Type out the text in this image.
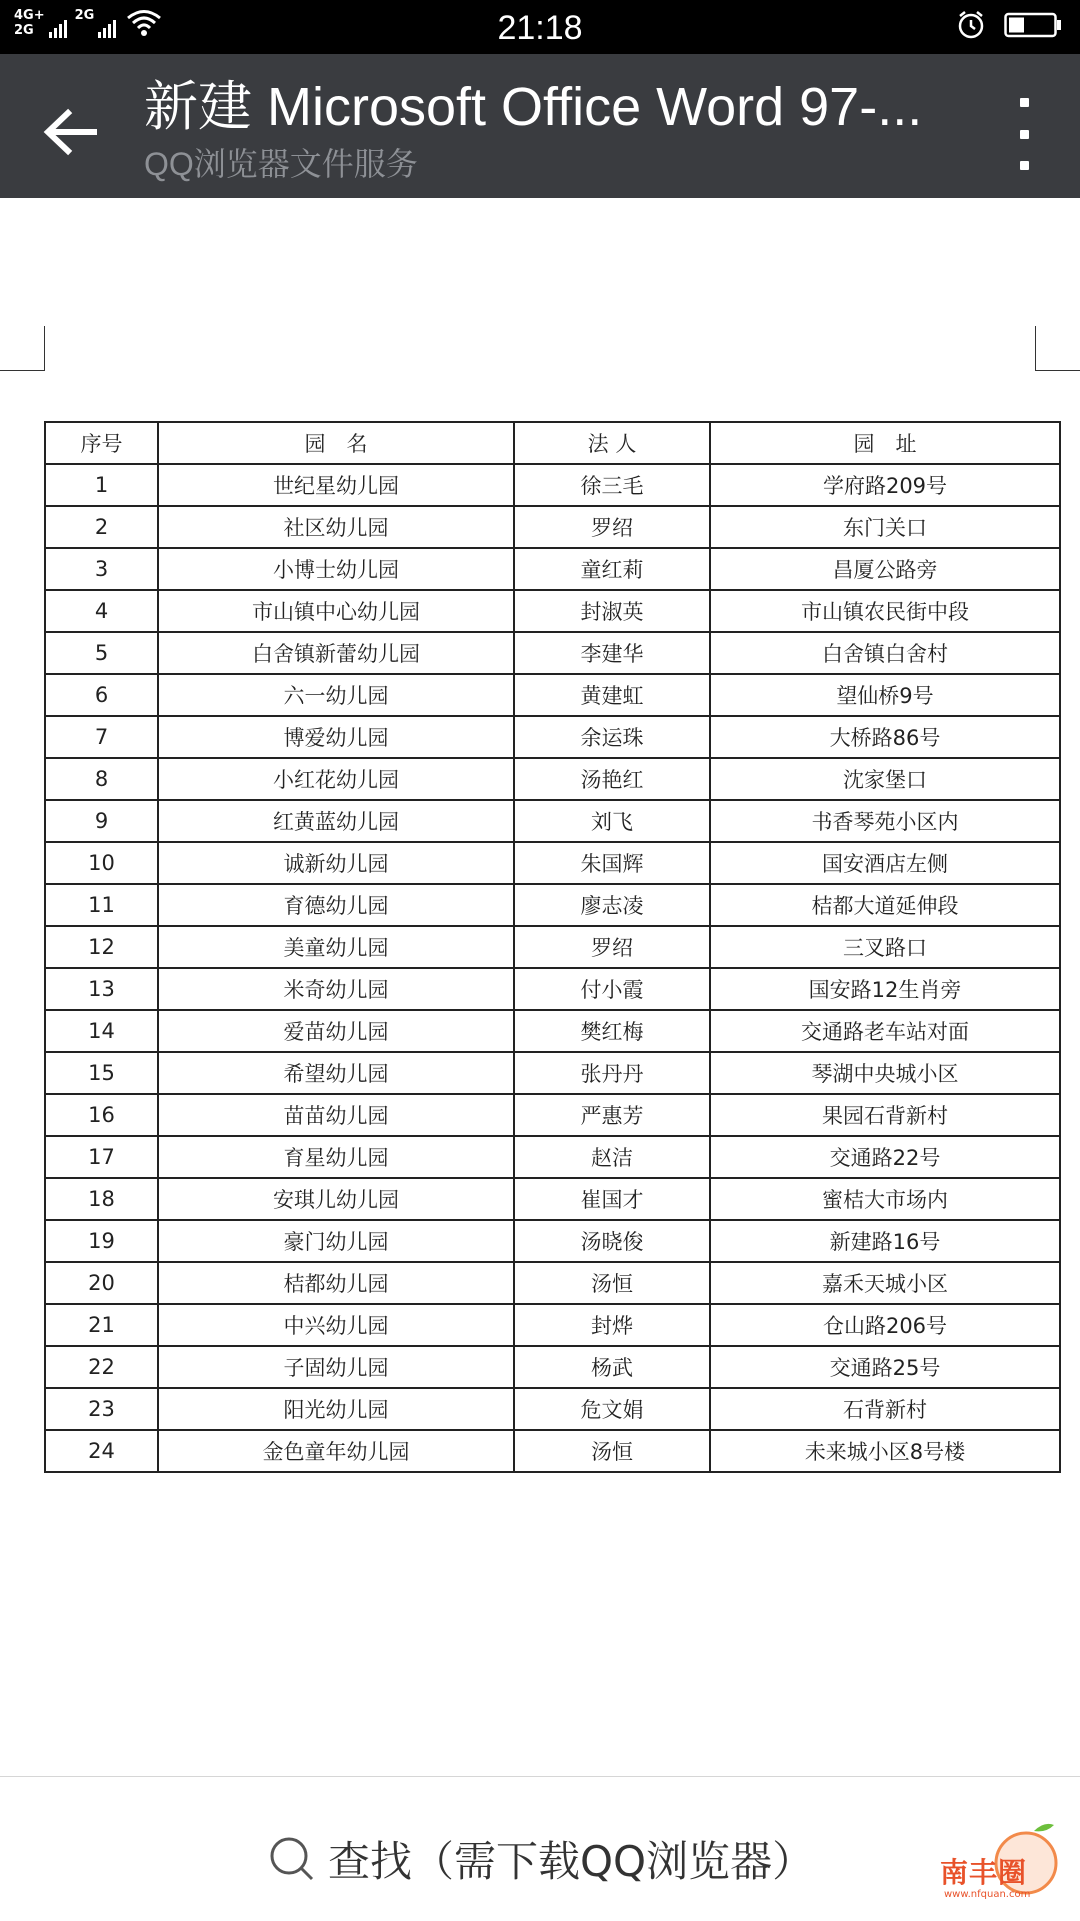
4G+
2G
2G	21:18
新建 Microsoft Office Word 97-...
QQ浏览器文件服务
序号	园　名	法 人	园　址
1	世纪星幼儿园	徐三毛	学府路209号
2	社区幼儿园	罗绍	东门关口
3	小博士幼儿园	童红莉	昌厦公路旁
4	市山镇中心幼儿园	封淑英	市山镇农民街中段
5	白舍镇新蕾幼儿园	李建华	白舍镇白舍村
6	六一幼儿园	黄建虹	望仙桥9号
7	博爱幼儿园	余运珠	大桥路86号
8	小红花幼儿园	汤艳红	沈家堡口
9	红黄蓝幼儿园	刘飞	书香琴苑小区内
10	诚新幼儿园	朱国辉	国安酒店左侧
11	育德幼儿园	廖志凌	桔都大道延伸段
12	美童幼儿园	罗绍	三叉路口
13	米奇幼儿园	付小霞	国安路12生肖旁
14	爱苗幼儿园	樊红梅	交通路老车站对面
15	希望幼儿园	张丹丹	琴湖中央城小区
16	苗苗幼儿园	严惠芳	果园石背新村
17	育星幼儿园	赵洁	交通路22号
18	安琪儿幼儿园	崔国才	蜜桔大市场内
19	豪门幼儿园	汤晓俊	新建路16号
20	桔都幼儿园	汤恒	嘉禾天城小区
21	中兴幼儿园	封烨	仓山路206号
22	子固幼儿园	杨武	交通路25号
23	阳光幼儿园	危文娟	石背新村
24	金色童年幼儿园	汤恒	未来城小区8号楼
查找（需下载QQ浏览器）	南丰圈
www.nfquan.com
